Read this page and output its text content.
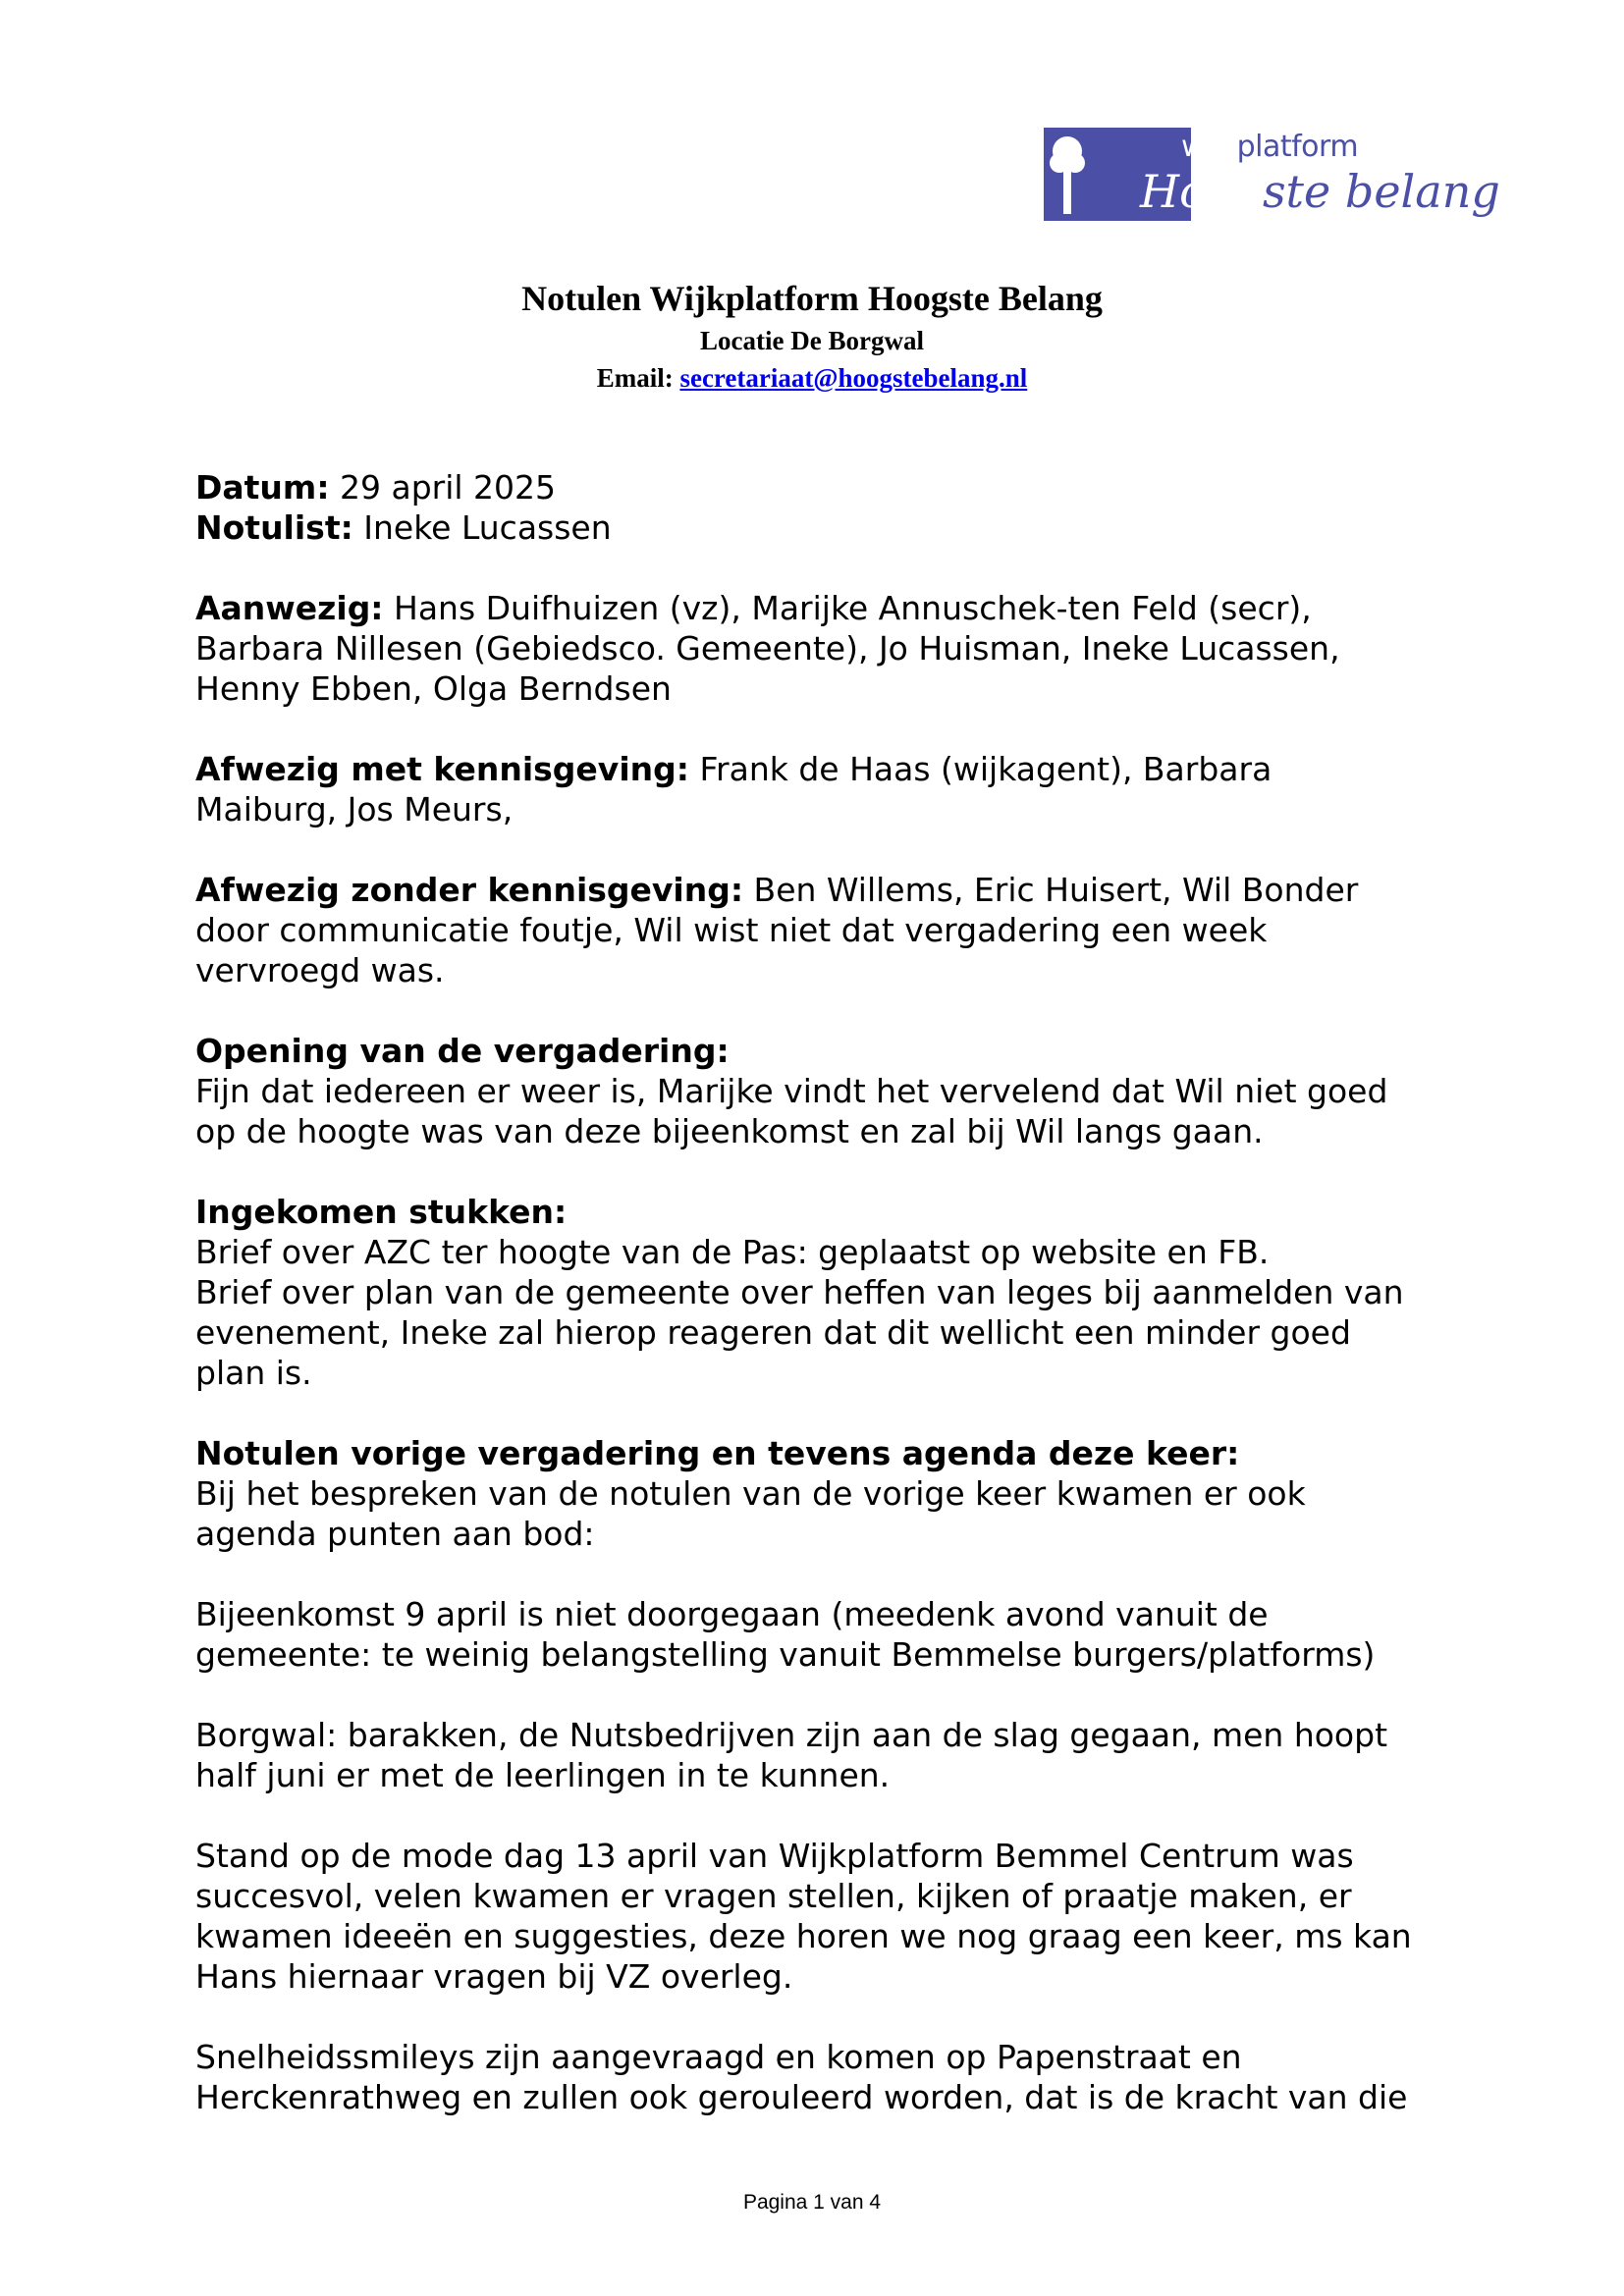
wijkplatform
Hoogste belang
Notulen Wijkplatform Hoogste Belang
Locatie De Borgwal
Email: secretariaat@hoogstebelang.nl

Datum: 29 april 2025

Notulist: Ineke Lucassen

Aanwezig: Hans Duifhuizen (vz), Marijke Annuschek-ten Feld (secr),

Barbara Nillesen (Gebiedsco. Gemeente), Jo Huisman, Ineke Lucassen,

Henny Ebben, Olga Berndsen

Afwezig met kennisgeving: Frank de Haas (wijkagent), Barbara

Maiburg, Jos Meurs,

Afwezig zonder kennisgeving: Ben Willems, Eric Huisert, Wil Bonder

door communicatie foutje, Wil wist niet dat vergadering een week

vervroegd was.

Opening van de vergadering:

Fijn dat iedereen er weer is, Marijke vindt het vervelend dat Wil niet goed

op de hoogte was van deze bijeenkomst en zal bij Wil langs gaan.

Ingekomen stukken:

Brief over AZC ter hoogte van de Pas: geplaatst op website en FB.

Brief over plan van de gemeente over heffen van leges bij aanmelden van

evenement, Ineke zal hierop reageren dat dit wellicht een minder goed

plan is.

Notulen vorige vergadering en tevens agenda deze keer:

Bij het bespreken van de notulen van de vorige keer kwamen er ook

agenda punten aan bod:

Bijeenkomst 9 april is niet doorgegaan (meedenk avond vanuit de

gemeente: te weinig belangstelling vanuit Bemmelse burgers/platforms)

Borgwal: barakken, de Nutsbedrijven zijn aan de slag gegaan, men hoopt

half juni er met de leerlingen in te kunnen.

Stand op de mode dag 13 april van Wijkplatform Bemmel Centrum was

succesvol, velen kwamen er vragen stellen, kijken of praatje maken, er

kwamen ideeën en suggesties, deze horen we nog graag een keer, ms kan

Hans hiernaar vragen bij VZ overleg.

Snelheidssmileys zijn aangevraagd en komen op Papenstraat en

Herckenrathweg en zullen ook gerouleerd worden, dat is de kracht van die

Pagina 1 van 4
